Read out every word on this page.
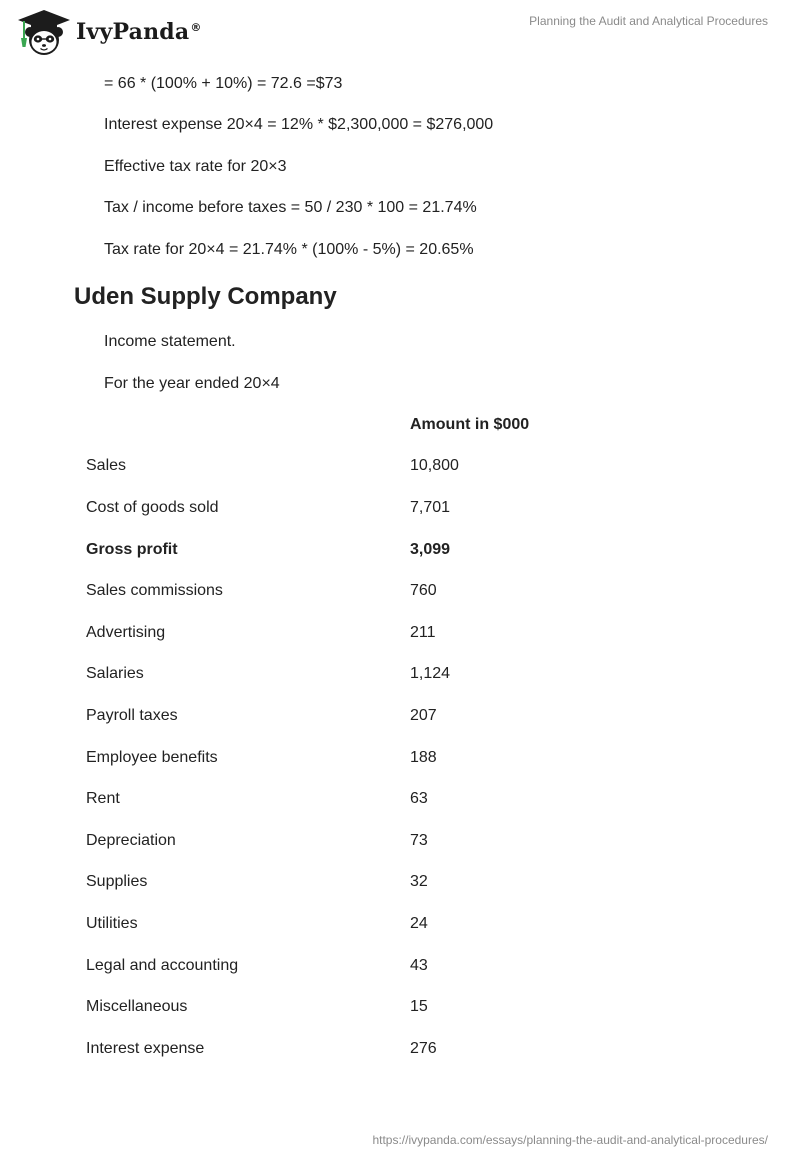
IvyPanda®	Planning the Audit and Analytical Procedures

= 66 * (100% + 10%) = 72.6 =$73

Interest expense 20×4 = 12% * $2,300,000 = $276,000

Effective tax rate for 20×3

Tax / income before taxes = 50 / 230 * 100 = 21.74%

Tax rate for 20×4 = 21.74% * (100% - 5%) = 20.65%

Uden Supply Company

Income statement.

For the year ended 20×4

	Amount in $000
Sales	10,800
Cost of goods sold	7,701
Gross profit	3,099
Sales commissions	760
Advertising	211
Salaries	1,124
Payroll taxes	207
Employee benefits	188
Rent	63
Depreciation	73
Supplies	32
Utilities	24
Legal and accounting	43
Miscellaneous	15
Interest expense	276
https://ivypanda.com/essays/planning-the-audit-and-analytical-procedures/
